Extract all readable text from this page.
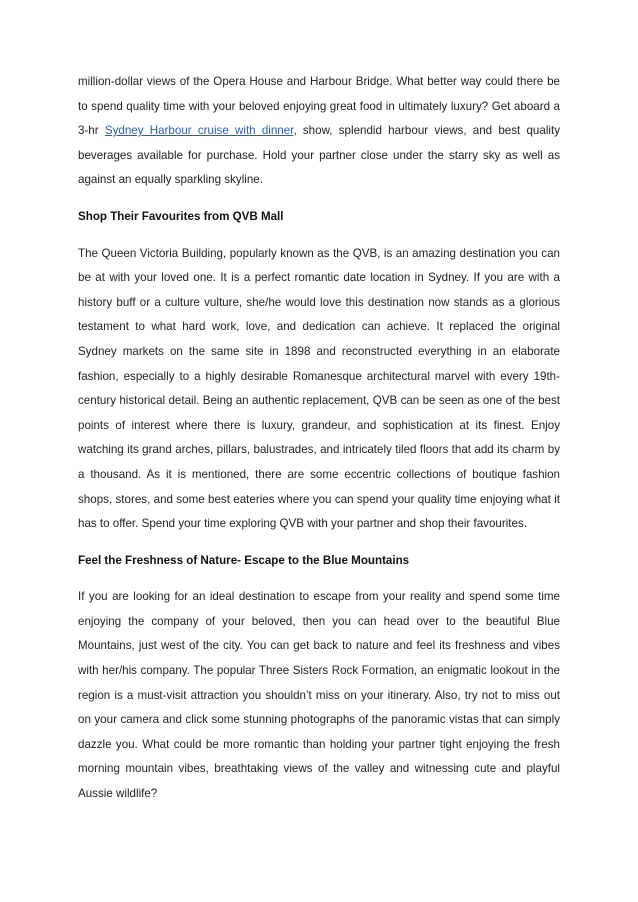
million-dollar views of the Opera House and Harbour Bridge. What better way could there be to spend quality time with your beloved enjoying great food in ultimately luxury? Get aboard a 3-hr Sydney Harbour cruise with dinner, show, splendid harbour views, and best quality beverages available for purchase. Hold your partner close under the starry sky as well as against an equally sparkling skyline.

Shop Their Favourites from QVB Mall

The Queen Victoria Building, popularly known as the QVB, is an amazing destination you can be at with your loved one. It is a perfect romantic date location in Sydney. If you are with a history buff or a culture vulture, she/he would love this destination now stands as a glorious testament to what hard work, love, and dedication can achieve. It replaced the original Sydney markets on the same site in 1898 and reconstructed everything in an elaborate fashion, especially to a highly desirable Romanesque architectural marvel with every 19th-century historical detail. Being an authentic replacement, QVB can be seen as one of the best points of interest where there is luxury, grandeur, and sophistication at its finest. Enjoy watching its grand arches, pillars, balustrades, and intricately tiled floors that add its charm by a thousand. As it is mentioned, there are some eccentric collections of boutique fashion shops, stores, and some best eateries where you can spend your quality time enjoying what it has to offer. Spend your time exploring QVB with your partner and shop their favourites.

Feel the Freshness of Nature- Escape to the Blue Mountains

If you are looking for an ideal destination to escape from your reality and spend some time enjoying the company of your beloved, then you can head over to the beautiful Blue Mountains, just west of the city. You can get back to nature and feel its freshness and vibes with her/his company. The popular Three Sisters Rock Formation, an enigmatic lookout in the region is a must-visit attraction you shouldn’t miss on your itinerary. Also, try not to miss out on your camera and click some stunning photographs of the panoramic vistas that can simply dazzle you. What could be more romantic than holding your partner tight enjoying the fresh morning mountain vibes, breathtaking views of the valley and witnessing cute and playful Aussie wildlife?
